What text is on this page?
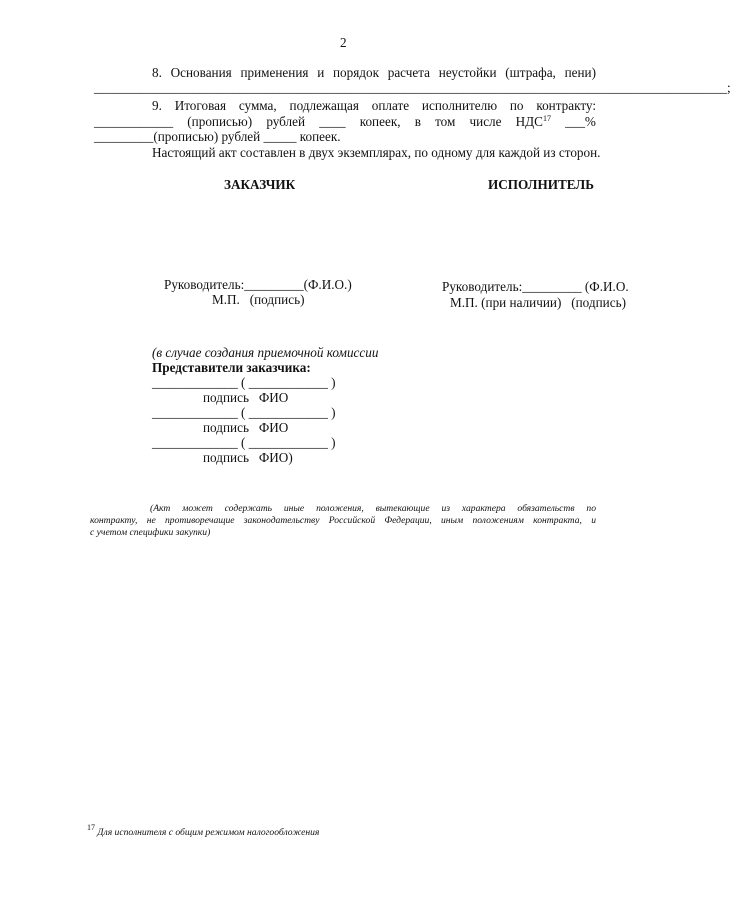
2
8. Основания применения и порядок расчета неустойки (штрафа, пени)
________________________________________________________________________________________________;
9. Итоговая сумма, подлежащая оплате исполнителю по контракту:
____________ (прописью) рублей ____ копеек, в том числе НДС$^{17}$ ___%
_________(прописью) рублей _____ копеек.
Настоящий акт составлен в двух экземплярах, по одному для каждой из сторон.
ЗАКАЗЧИК	ИСПОЛНИТЕЛЬ
Руководитель:_________(Ф.И.О.)
М.П.   (подпись)
Руководитель:_________ (Ф.И.О.
М.П. (при наличии)   (подпись)
(в случае создания приемочной комиссии
Представители заказчика:
_____________ ( ____________ )
подпись   ФИО
_____________ ( ____________ )
подпись   ФИО
_____________ ( ____________ )
подпись   ФИО)
(Акт может содержать иные положения, вытекающие из характера обязательств по
контракту, не противоречащие законодательству Российской Федерации, иным положениям контракта, и
с учетом специфики закупки)
$^{17}$ Для исполнителя с общим режимом налогообложения
